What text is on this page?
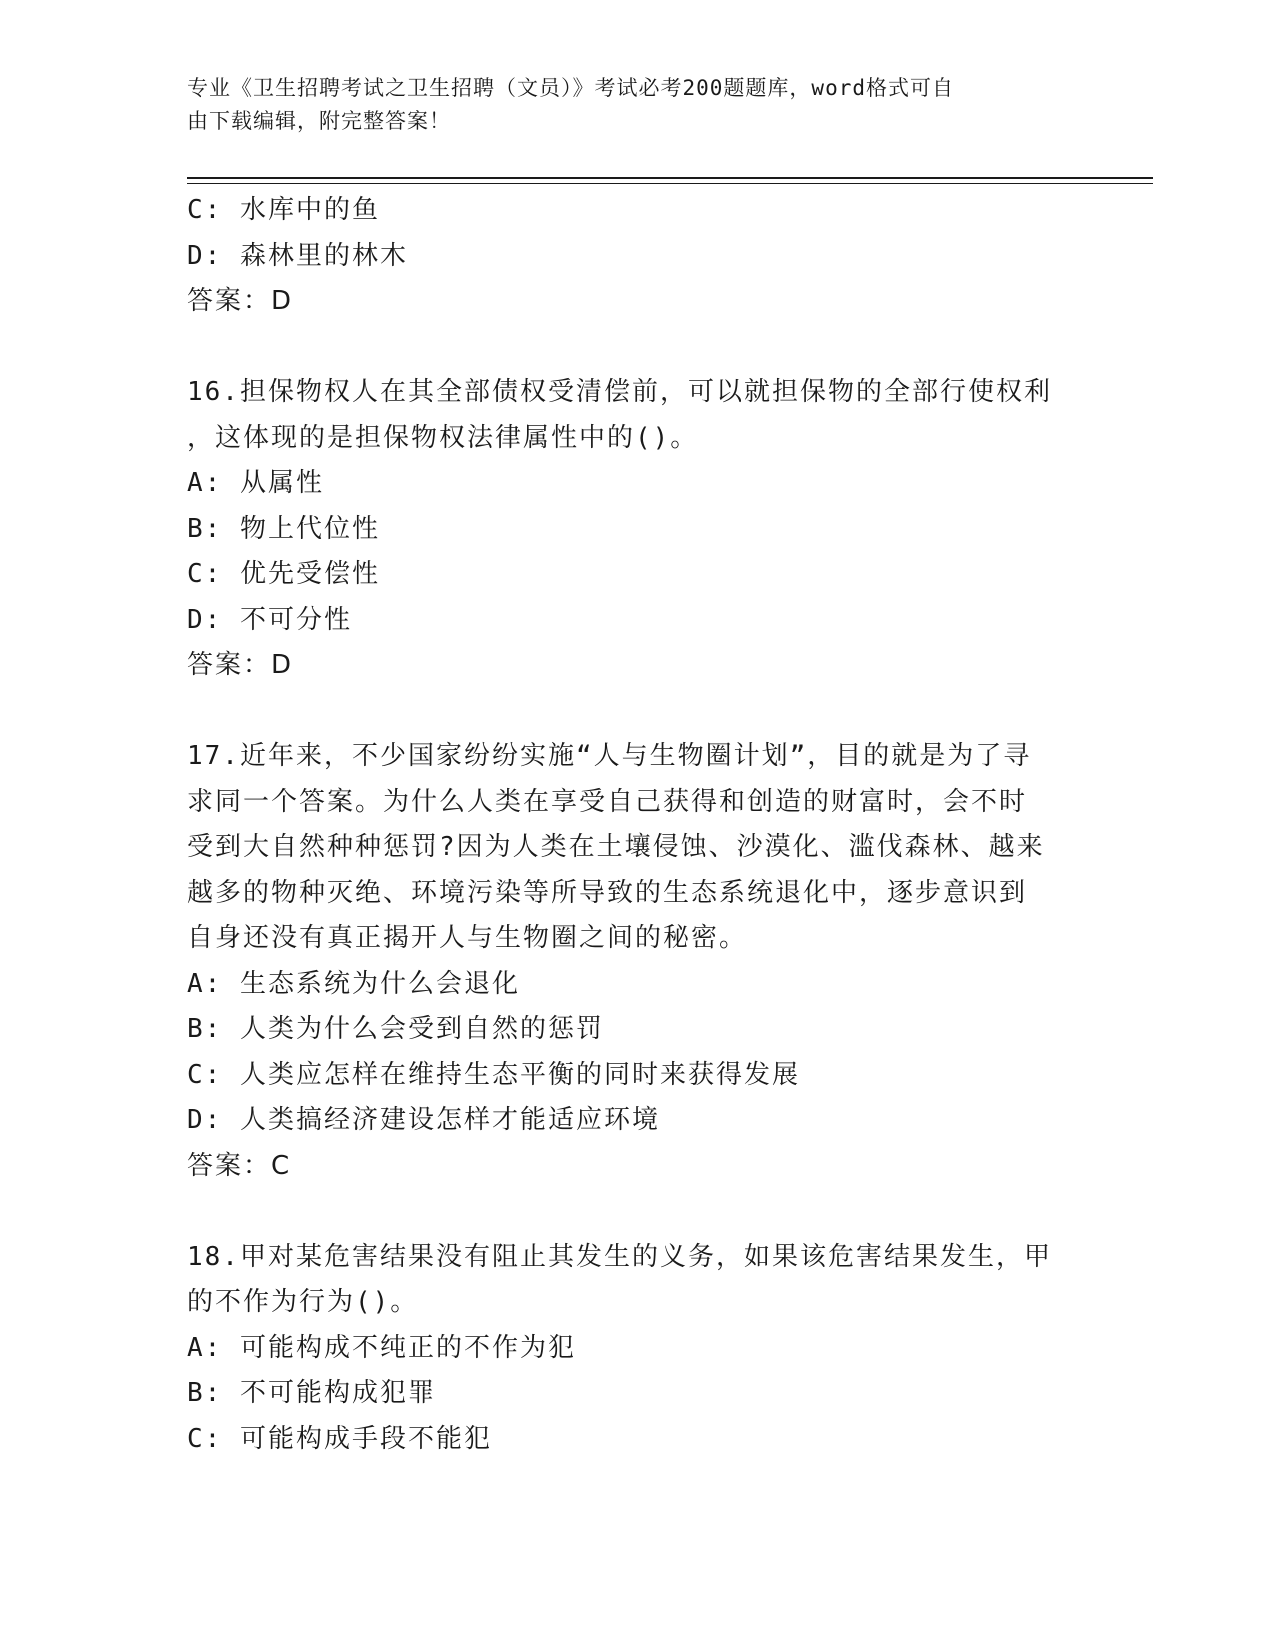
专业《卫生招聘考试之卫生招聘（文员）》考试必考200题题库，word格式可自
由下载编辑，附完整答案！
C: 水库中的鱼
D: 森林里的林木
答案：D
16.担保物权人在其全部债权受清偿前，可以就担保物的全部行使权利
，这体现的是担保物权法律属性中的()。
A: 从属性
B: 物上代位性
C: 优先受偿性
D: 不可分性
答案：D
17.近年来，不少国家纷纷实施“人与生物圈计划”，目的就是为了寻
求同一个答案。为什么人类在享受自己获得和创造的财富时，会不时
受到大自然种种惩罚?因为人类在土壤侵蚀、沙漠化、滥伐森林、越来
越多的物种灭绝、环境污染等所导致的生态系统退化中，逐步意识到
自身还没有真正揭开人与生物圈之间的秘密。
A: 生态系统为什么会退化
B: 人类为什么会受到自然的惩罚
C: 人类应怎样在维持生态平衡的同时来获得发展
D: 人类搞经济建设怎样才能适应环境
答案：C
18.甲对某危害结果没有阻止其发生的义务，如果该危害结果发生，甲
的不作为行为()。
A: 可能构成不纯正的不作为犯
B: 不可能构成犯罪
C: 可能构成手段不能犯
